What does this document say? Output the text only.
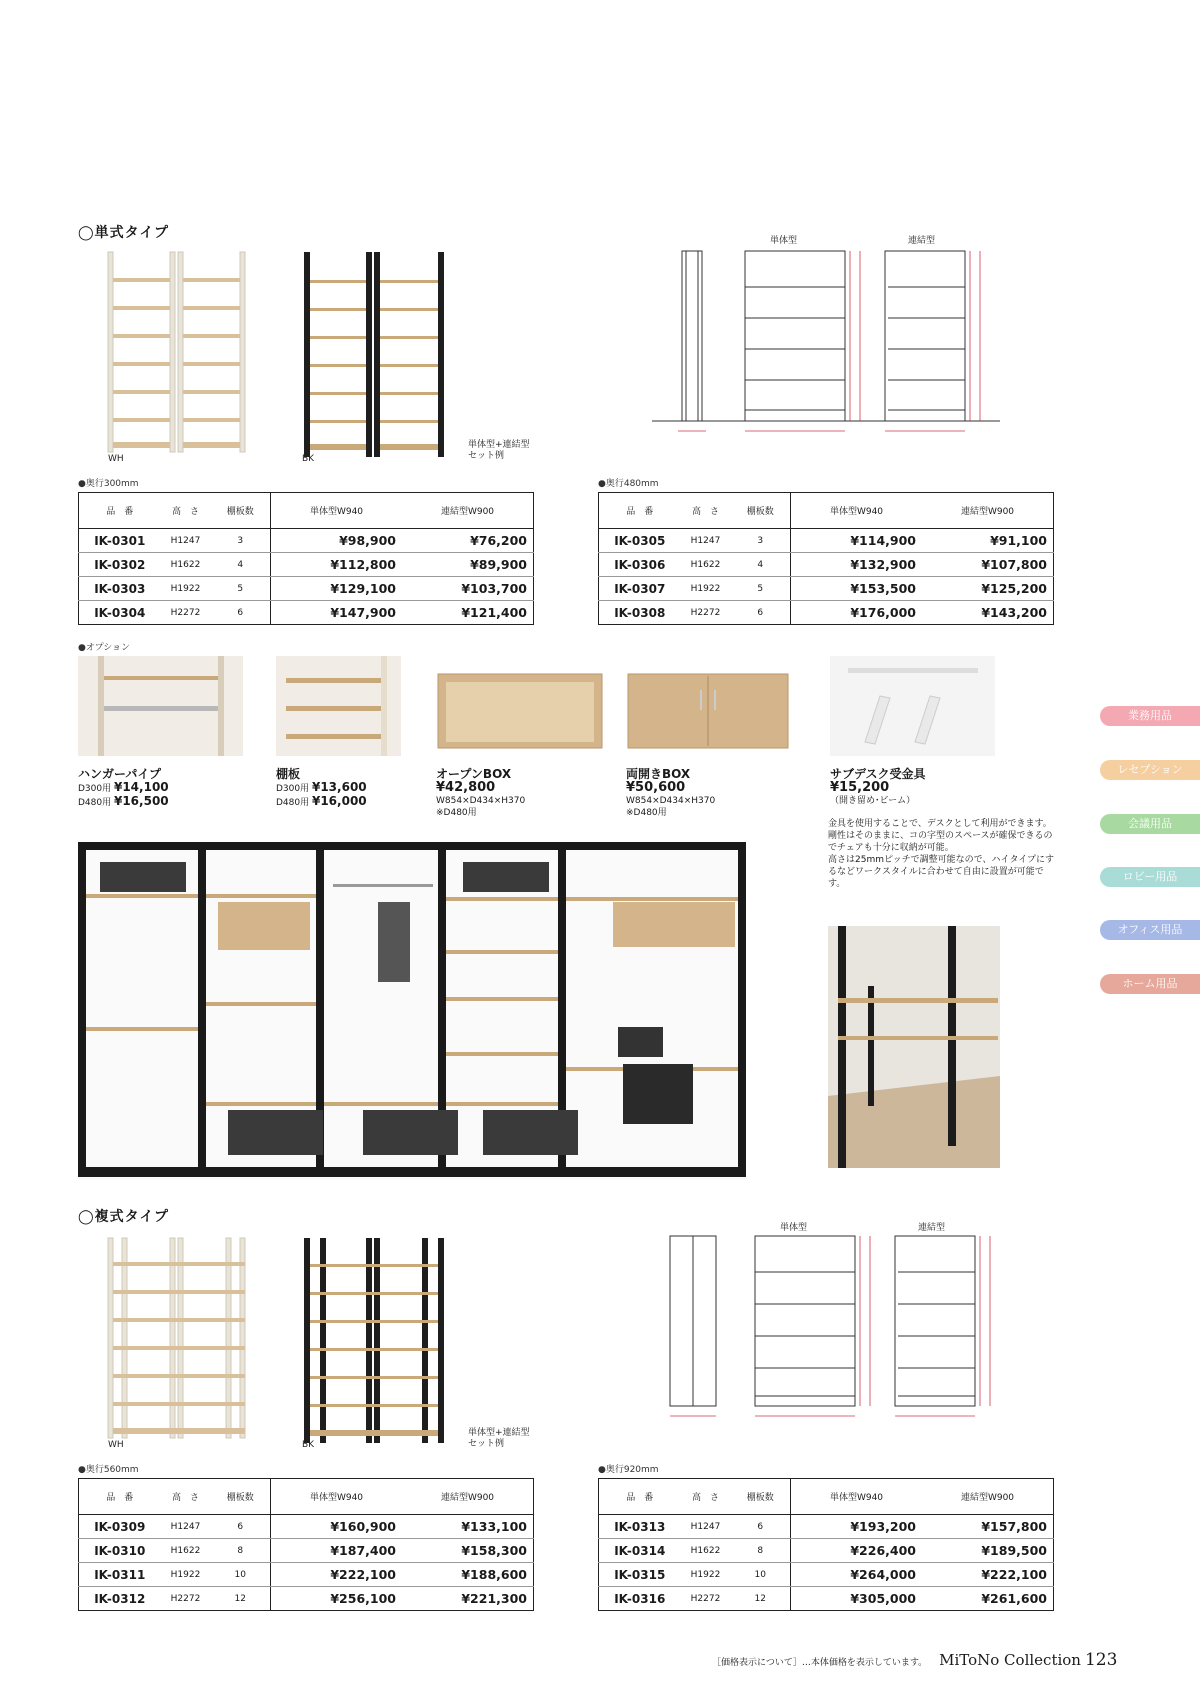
◯単式タイプ
WH	BK
単体型+連結型
セット例
単体型	連結型
●奥行300mm	●奥行480mm
品　番	高　さ	棚板数	単体型W940	連結型W900
IK-0301	H1247	3	¥98,900	¥76,200
IK-0302	H1622	4	¥112,800	¥89,900
IK-0303	H1922	5	¥129,100	¥103,700
IK-0304	H2272	6	¥147,900	¥121,400
品　番	高　さ	棚板数	単体型W940	連結型W900
IK-0305	H1247	3	¥114,900	¥91,100
IK-0306	H1622	4	¥132,900	¥107,800
IK-0307	H1922	5	¥153,500	¥125,200
IK-0308	H2272	6	¥176,000	¥143,200
●オプション
ハンガーパイプ
D300用 ¥14,100
D480用 ¥16,500
棚板
D300用 ¥13,600
D480用 ¥16,000
オープンBOX
¥42,800
W854×D434×H370
※D480用
両開きBOX
¥50,600
W854×D434×H370
※D480用
サブデスク受金具
¥15,200
（開き留め･ビーム）
金具を使用することで、デスクとして利用ができます。
剛性はそのままに、コの字型のスペースが確保できるの
でチェアも十分に収納が可能。
高さは25mmピッチで調整可能なので、ハイタイプにす
るなどワークスタイルに合わせて自由に設置が可能で
す。
◯複式タイプ
WH	BK
単体型+連結型
セット例
単体型	連結型
●奥行560mm	●奥行920mm
品　番	高　さ	棚板数	単体型W940	連結型W900
IK-0309	H1247	6	¥160,900	¥133,100
IK-0310	H1622	8	¥187,400	¥158,300
IK-0311	H1922	10	¥222,100	¥188,600
IK-0312	H2272	12	¥256,100	¥221,300
品　番	高　さ	棚板数	単体型W940	連結型W900
IK-0313	H1247	6	¥193,200	¥157,800
IK-0314	H1622	8	¥226,400	¥189,500
IK-0315	H1922	10	¥264,000	¥222,100
IK-0316	H2272	12	¥305,000	¥261,600
業務用品
レセプション
会議用品
ロビー用品
オフィス用品
ホーム用品
［価格表示について］…本体価格を表示しています。 MiToNo Collection 123
